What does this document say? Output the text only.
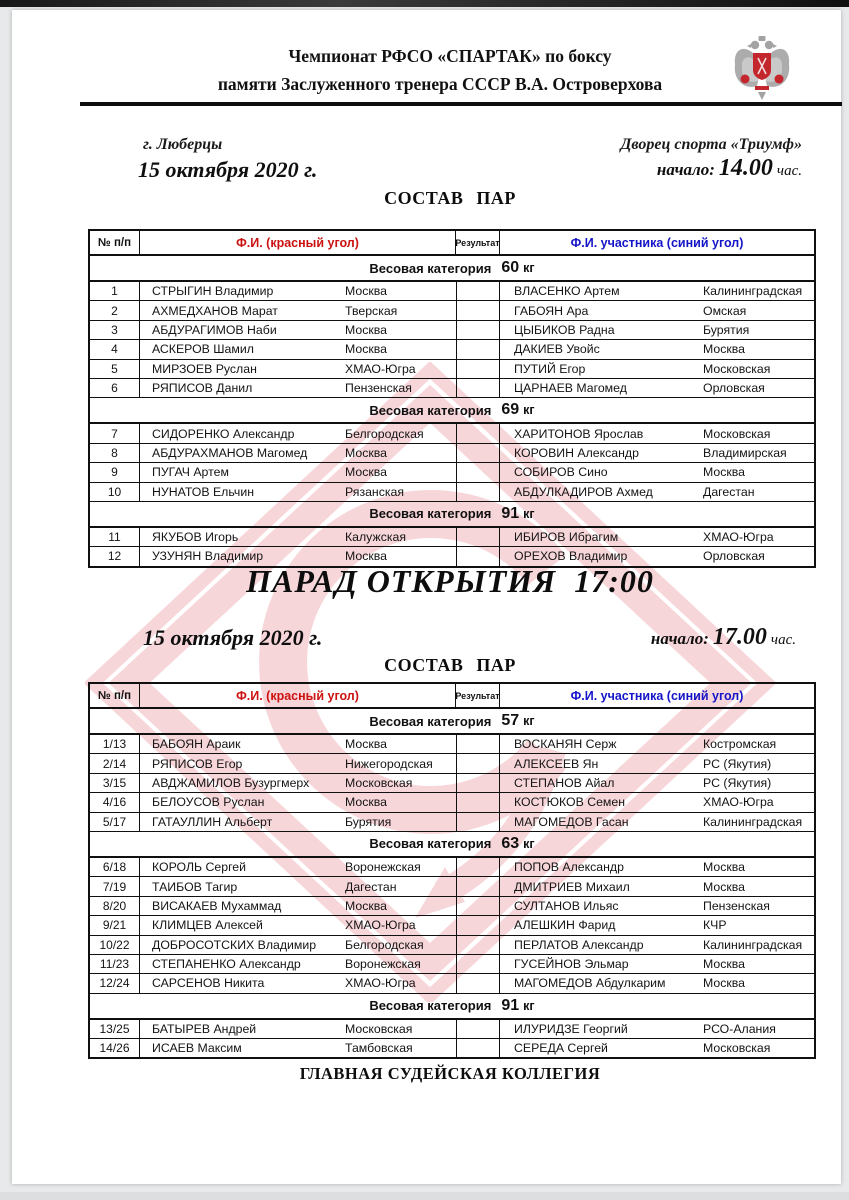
Чемпионат РФСО «СПАРТАК» по боксу
памяти Заслуженного тренера СССР В.А. Островерхова
г. Люберцы
15 октября 2020 г.
Дворец спорта «Триумф»
начало: 14.00 час.
СОСТАВ ПАР
№ п/п	Ф.И. (красный угол)	Результат	Ф.И. участника (синий угол)
Весовая категория 60 кг
1	СТРЫГИН Владимир	Москва	ВЛАСЕНКО Артем	Калининградская
2	АХМЕДХАНОВ Марат	Тверская	ГАБОЯН Ара	Омская
3	АБДУРАГИМОВ Наби	Москва	ЦЫБИКОВ Радна	Бурятия
4	АСКЕРОВ Шамил	Москва	ДАКИЕВ Увойс	Москва
5	МИРЗОЕВ Руслан	ХМАО-Югра	ПУТИЙ Егор	Московская
6	РЯПИСОВ Данил	Пензенская	ЦАРНАЕВ Магомед	Орловская
Весовая категория 69 кг
7	СИДОРЕНКО Александр	Белгородская	ХАРИТОНОВ Ярослав	Московская
8	АБДУРАХМАНОВ Магомед	Москва	КОРОВИН Александр	Владимирская
9	ПУГАЧ Артем	Москва	СОБИРОВ Сино	Москва
10	НУНАТОВ Ельчин	Рязанская	АБДУЛКАДИРОВ Ахмед	Дагестан
Весовая категория 91 кг
11	ЯКУБОВ Игорь	Калужская	ИБИРОВ Ибрагим	ХМАО-Югра
12	УЗУНЯН Владимир	Москва	ОРЕХОВ Владимир	Орловская
ПАРАД ОТКРЫТИЯ 17:00
15 октября 2020 г.	начало: 17.00 час.
СОСТАВ ПАР
№ п/п	Ф.И. (красный угол)	Результат	Ф.И. участника (синий угол)
Весовая категория 57 кг
1/13	БАБОЯН Араик	Москва	ВОСКАНЯН Серж	Костромская
2/14	РЯПИСОВ Егор	Нижегородская	АЛЕКСЕЕВ Ян	РС (Якутия)
3/15	АВДЖАМИЛОВ Бузургмерх	Московская	СТЕПАНОВ Айал	РС (Якутия)
4/16	БЕЛОУСОВ Руслан	Москва	КОСТЮКОВ Семен	ХМАО-Югра
5/17	ГАТАУЛЛИН Альберт	Бурятия	МАГОМЕДОВ Гасан	Калининградская
Весовая категория 63 кг
6/18	КОРОЛЬ Сергей	Воронежская	ПОПОВ Александр	Москва
7/19	ТАИБОВ Тагир	Дагестан	ДМИТРИЕВ Михаил	Москва
8/20	ВИСАКАЕВ Мухаммад	Москва	СУЛТАНОВ Ильяс	Пензенская
9/21	КЛИМЦЕВ Алексей	ХМАО-Югра	АЛЕШКИН Фарид	КЧР
10/22	ДОБРОСОТСКИХ Владимир	Белгородская	ПЕРЛАТОВ Александр	Калининградская
11/23	СТЕПАНЕНКО Александр	Воронежская	ГУСЕЙНОВ Эльмар	Москва
12/24	САРСЕНОВ Никита	ХМАО-Югра	МАГОМЕДОВ Абдулкарим	Москва
Весовая категория 91 кг
13/25	БАТЫРЕВ Андрей	Московская	ИЛУРИДЗЕ Георгий	РСО-Алания
14/26	ИСАЕВ Максим	Тамбовская	СЕРЕДА Сергей	Московская
ГЛАВНАЯ СУДЕЙСКАЯ КОЛЛЕГИЯ
